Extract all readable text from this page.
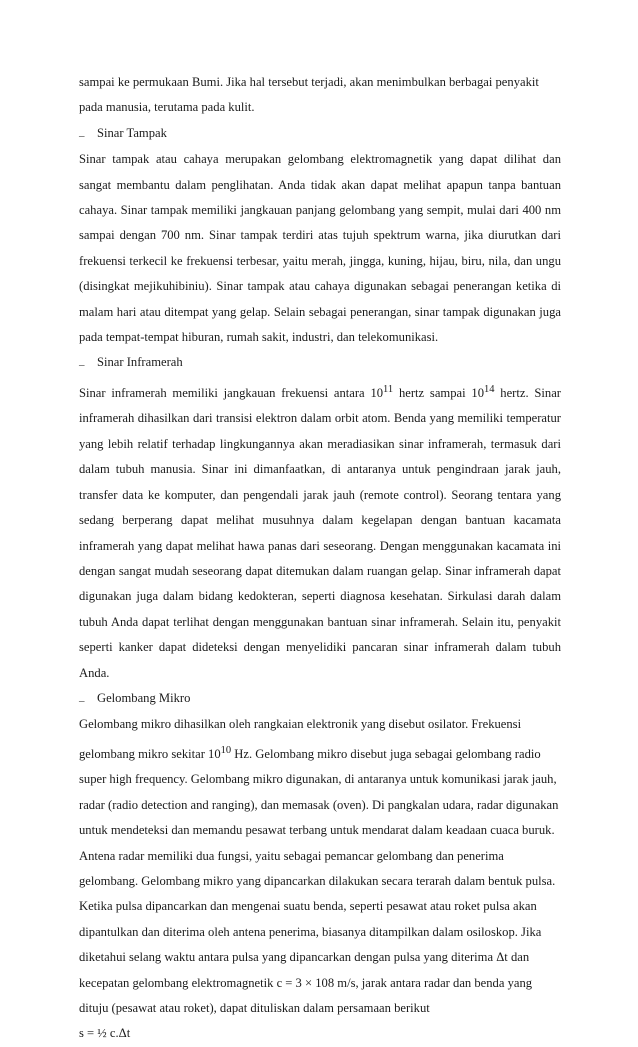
sampai ke permukaan Bumi. Jika hal tersebut terjadi, akan menimbulkan berbagai penyakit pada manusia, terutama pada kulit.

– Sinar Tampak

Sinar tampak atau cahaya merupakan gelombang elektromagnetik yang dapat dilihat dan sangat membantu dalam penglihatan. Anda tidak akan dapat melihat apapun tanpa bantuan cahaya. Sinar tampak memiliki jangkauan panjang gelombang yang sempit, mulai dari 400 nm sampai dengan 700 nm. Sinar tampak terdiri atas tujuh spektrum warna, jika diurutkan dari frekuensi terkecil ke frekuensi terbesar, yaitu merah, jingga, kuning, hijau, biru, nila, dan ungu (disingkat mejikuhibiniu). Sinar tampak atau cahaya digunakan sebagai penerangan ketika di malam hari atau ditempat yang gelap. Selain sebagai penerangan, sinar tampak digunakan juga pada tempat-tempat hiburan, rumah sakit, industri, dan telekomunikasi.

– Sinar Inframerah

Sinar inframerah memiliki jangkauan frekuensi antara $10^{11}$ hertz sampai $10^{14}$ hertz. Sinar inframerah dihasilkan dari transisi elektron dalam orbit atom. Benda yang memiliki temperatur yang lebih relatif terhadap lingkungannya akan meradiasikan sinar inframerah, termasuk dari dalam tubuh manusia. Sinar ini dimanfaatkan, di antaranya untuk pengindraan jarak jauh, transfer data ke komputer, dan pengendali jarak jauh (remote control). Seorang tentara yang sedang berperang dapat melihat musuhnya dalam kegelapan dengan bantuan kacamata inframerah yang dapat melihat hawa panas dari seseorang. Dengan menggunakan kacamata ini dengan sangat mudah seseorang dapat ditemukan dalam ruangan gelap. Sinar inframerah dapat digunakan juga dalam bidang kedokteran, seperti diagnosa kesehatan. Sirkulasi darah dalam tubuh Anda dapat terlihat dengan menggunakan bantuan sinar inframerah. Selain itu, penyakit seperti kanker dapat dideteksi dengan menyelidiki pancaran sinar inframerah dalam tubuh Anda.

– Gelombang Mikro

Gelombang mikro dihasilkan oleh rangkaian elektronik yang disebut osilator. Frekuensi gelombang mikro sekitar $10^{10}$ Hz. Gelombang mikro disebut juga sebagai gelombang radio super high frequency. Gelombang mikro digunakan, di antaranya untuk komunikasi jarak jauh, radar (radio detection and ranging), dan memasak (oven). Di pangkalan udara, radar digunakan untuk mendeteksi dan memandu pesawat terbang untuk mendarat dalam keadaan cuaca buruk. Antena radar memiliki dua fungsi, yaitu sebagai pemancar gelombang dan penerima gelombang. Gelombang mikro yang dipancarkan dilakukan secara terarah dalam bentuk pulsa. Ketika pulsa dipancarkan dan mengenai suatu benda, seperti pesawat atau roket pulsa akan dipantulkan dan diterima oleh antena penerima, biasanya ditampilkan dalam osiloskop. Jika diketahui selang waktu antara pulsa yang dipancarkan dengan pulsa yang diterima Δt dan kecepatan gelombang elektromagnetik c = 3 × 108 m/s, jarak antara radar dan benda yang dituju (pesawat atau roket), dapat dituliskan dalam persamaan berikut

s = ½ c.Δt
